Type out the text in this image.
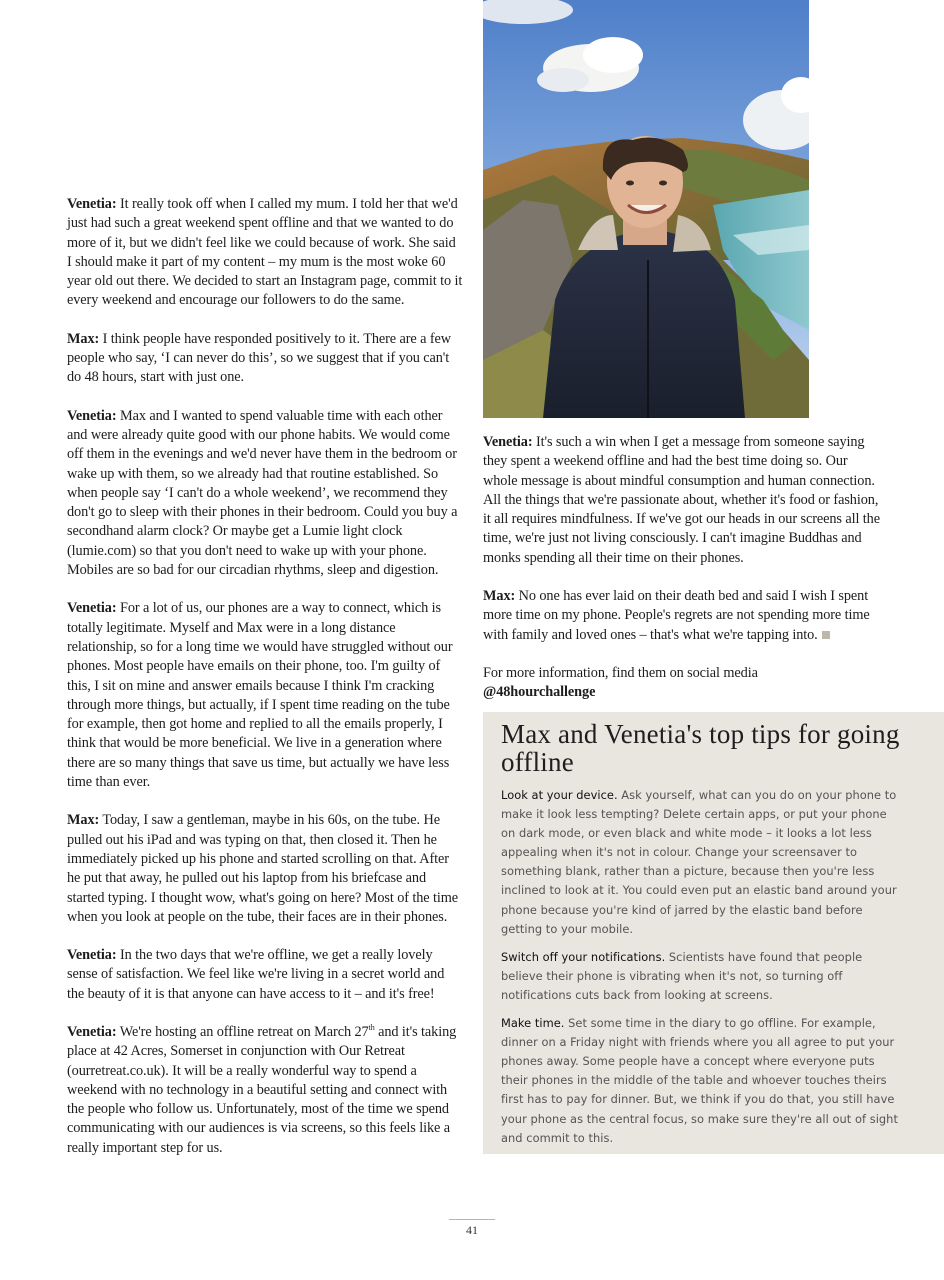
Venetia: It really took off when I called my mum. I told her that we'd just had such a great weekend spent offline and that we wanted to do more of it, but we didn't feel like we could because of work. She said I should make it part of my content – my mum is the most woke 60 year old out there. We decided to start an Instagram page, commit to it every weekend and encourage our followers to do the same.

Max: I think people have responded positively to it. There are a few people who say, ‘I can never do this’, so we suggest that if you can't do 48 hours, start with just one.

Venetia: Max and I wanted to spend valuable time with each other and were already quite good with our phone habits. We would come off them in the evenings and we'd never have them in the bedroom or wake up with them, so we already had that routine established. So when people say ‘I can't do a whole weekend’, we recommend they don't go to sleep with their phones in their bedroom. Could you buy a secondhand alarm clock? Or maybe get a Lumie light clock (lumie.com) so that you don't need to wake up with your phone. Mobiles are so bad for our circadian rhythms, sleep and digestion.

Venetia: For a lot of us, our phones are a way to connect, which is totally legitimate. Myself and Max were in a long distance relationship, so for a long time we would have struggled without our phones. Most people have emails on their phone, too. I'm guilty of this, I sit on mine and answer emails because I think I'm cracking through more things, but actually, if I spent time reading on the tube for example, then got home and replied to all the emails properly, I think that would be more beneficial. We live in a generation where there are so many things that save us time, but actually we have less time than ever.

Max: Today, I saw a gentleman, maybe in his 60s, on the tube. He pulled out his iPad and was typing on that, then closed it. Then he immediately picked up his phone and started scrolling on that. After he put that away, he pulled out his laptop from his briefcase and started typing. I thought wow, what's going on here? Most of the time when you look at people on the tube, their faces are in their phones.

Venetia: In the two days that we're offline, we get a really lovely sense of satisfaction. We feel like we're living in a secret world and the beauty of it is that anyone can have access to it – and it's free!

Venetia: We're hosting an offline retreat on March 27th and it's taking place at 42 Acres, Somerset in conjunction with Our Retreat (ourretreat.co.uk). It will be a really wonderful way to spend a weekend with no technology in a beautiful setting and connect with the people who follow us. Unfortunately, most of the time we spend communicating with our audiences is via screens, so this feels like a really important step for us.

Venetia: It's such a win when I get a message from someone saying they spent a weekend offline and had the best time doing so. Our whole message is about mindful consumption and human connection. All the things that we're passionate about, whether it's food or fashion, it all requires mindfulness. If we've got our heads in our screens all the time, we're just not living consciously. I can't imagine Buddhas and monks spending all their time on their phones.

Max: No one has ever laid on their death bed and said I wish I spent more time on my phone. People's regrets are not spending more time with family and loved ones – that's what we're tapping into.

For more information, find them on social media
@48hourchallenge

Max and Venetia's top tips for going offline

Look at your device. Ask yourself, what can you do on your phone to make it look less tempting? Delete certain apps, or put your phone on dark mode, or even black and white mode – it looks a lot less appealing when it's not in colour. Change your screensaver to something blank, rather than a picture, because then you're less inclined to look at it. You could even put an elastic band around your phone because you're kind of jarred by the elastic band before getting to your mobile.

Switch off your notifications. Scientists have found that people believe their phone is vibrating when it's not, so turning off notifications cuts back from looking at screens.

Make time. Set some time in the diary to go offline. For example, dinner on a Friday night with friends where you all agree to put your phones away. Some people have a concept where everyone puts their phones in the middle of the table and whoever touches theirs first has to pay for dinner. But, we think if you do that, you still have your phone as the central focus, so make sure they're all out of sight and commit to this.

41
